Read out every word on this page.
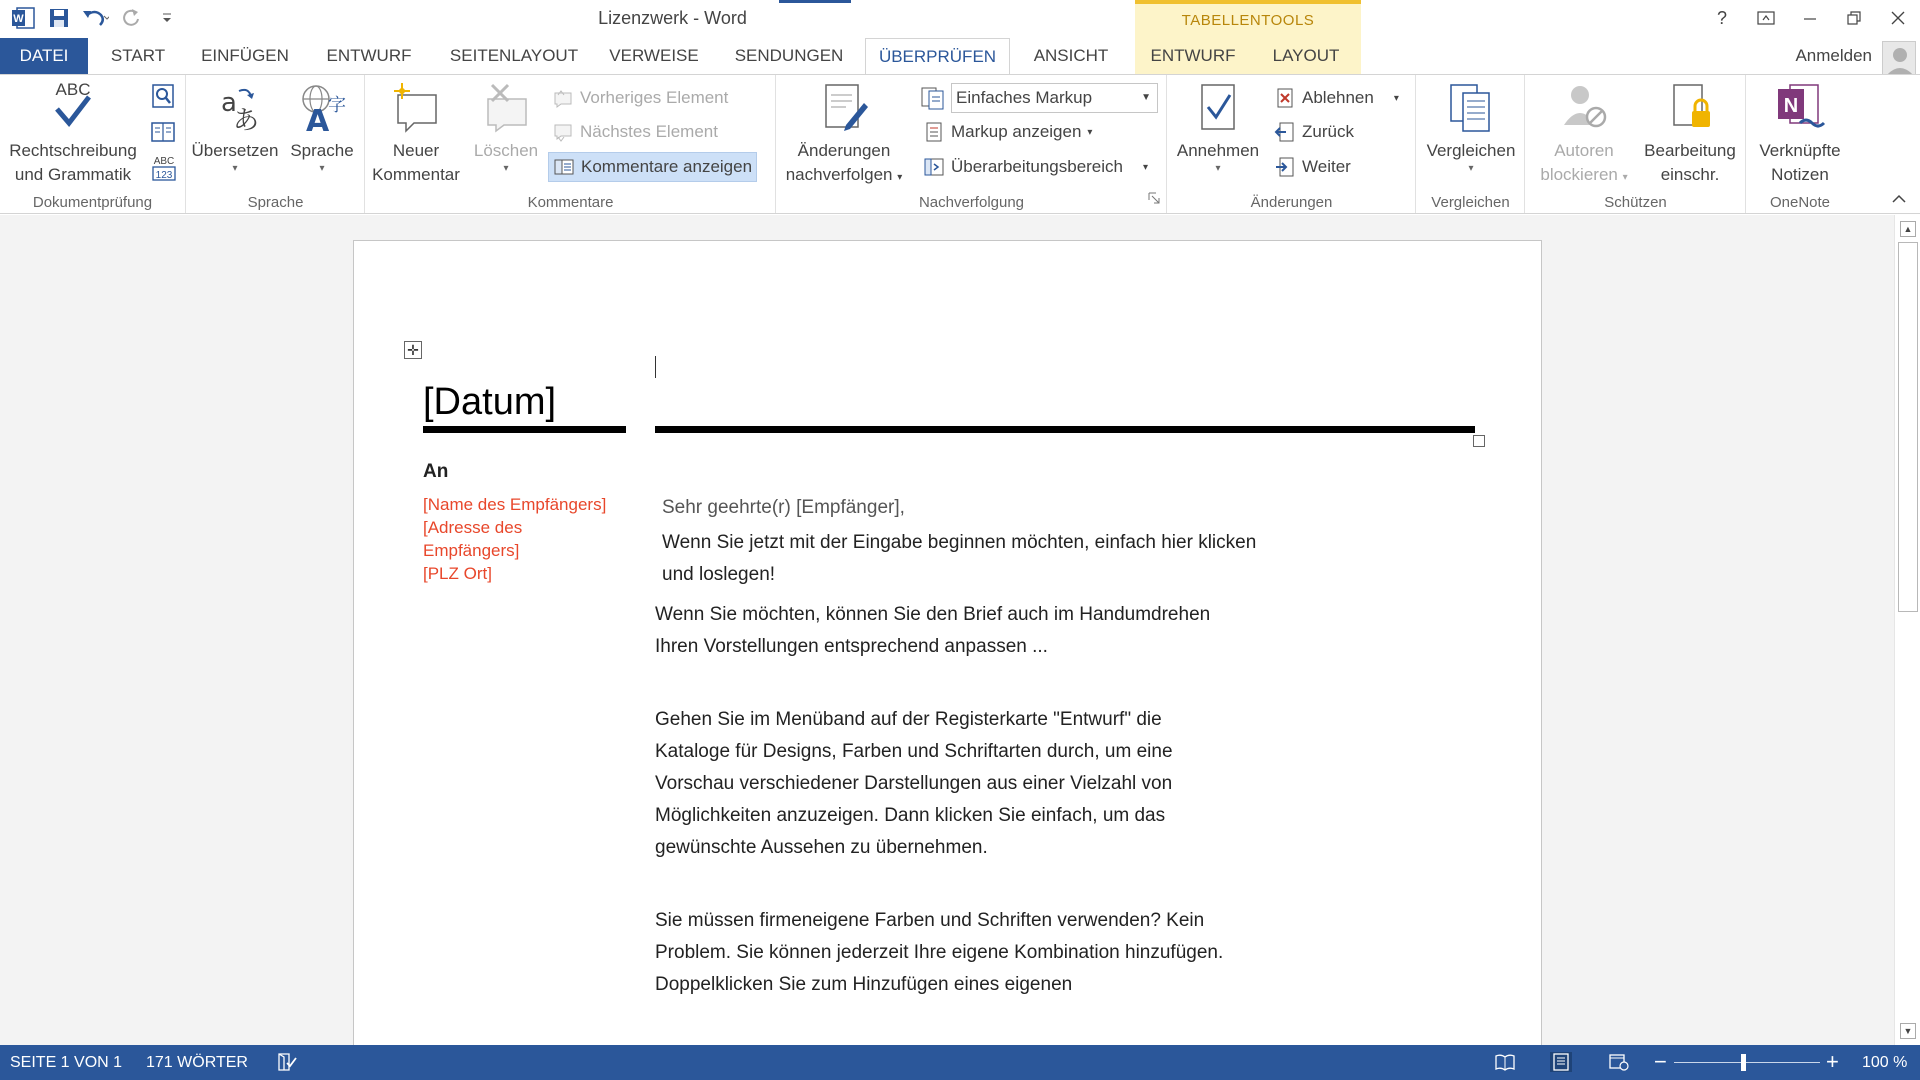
W	Lizenzwerk - Word	TABELLENTOOLS	?
DATEI	START	EINFÜGEN	ENTWURF	SEITENLAYOUT	VERWEISE	SENDUNGEN	ÜBERPRÜFEN	ANSICHT	ENTWURF	LAYOUT	Anmelden
ABC
Rechtschreibung
und Grammatik
ABC
123
Dokumentprüfung
a
あ
Übersetzen
▾
A
字
Sprache
▾
Sprache
Neuer
Kommentar
Löschen
▾
Vorheriges Element
Nächstes Element
Kommentare anzeigen
Kommentare
Änderungen
nachverfolgen ▾
Einfaches Markup	▼
Markup anzeigen ▾
Überarbeitungsbereich ▾
Nachverfolgung
Annehmen
▾
Ablehnen ▾
Zurück
Weiter
Änderungen
Vergleichen
▾
Vergleichen
Autoren
blockieren ▾
Bearbeitung
einschr.
Schützen
N
Verknüpfte
Notizen
OneNote
✛
[Datum]
An
[Name des Empfängers]
[Adresse des
Empfängers]
[PLZ Ort]
Sehr geehrte(r) [Empfänger],
Wenn Sie jetzt mit der Eingabe beginnen möchten, einfach hier klicken und loslegen!
Wenn Sie möchten, können Sie den Brief auch im Handumdrehen Ihren Vorstellungen entsprechend anpassen ...
Gehen Sie im Menüband auf der Registerkarte "Entwurf" die Kataloge für Designs, Farben und Schriftarten durch, um eine Vorschau verschiedener Darstellungen aus einer Vielzahl von Möglichkeiten anzuzeigen. Dann klicken Sie einfach, um das gewünschte Aussehen zu übernehmen.
Sie müssen firmeneigene Farben und Schriften verwenden? Kein Problem. Sie können jederzeit Ihre eigene Kombination hinzufügen. Doppelklicken Sie zum Hinzufügen eines eigenen
▲
▼
SEITE 1 VON 1 171 WÖRTER	−	+ 100 %
